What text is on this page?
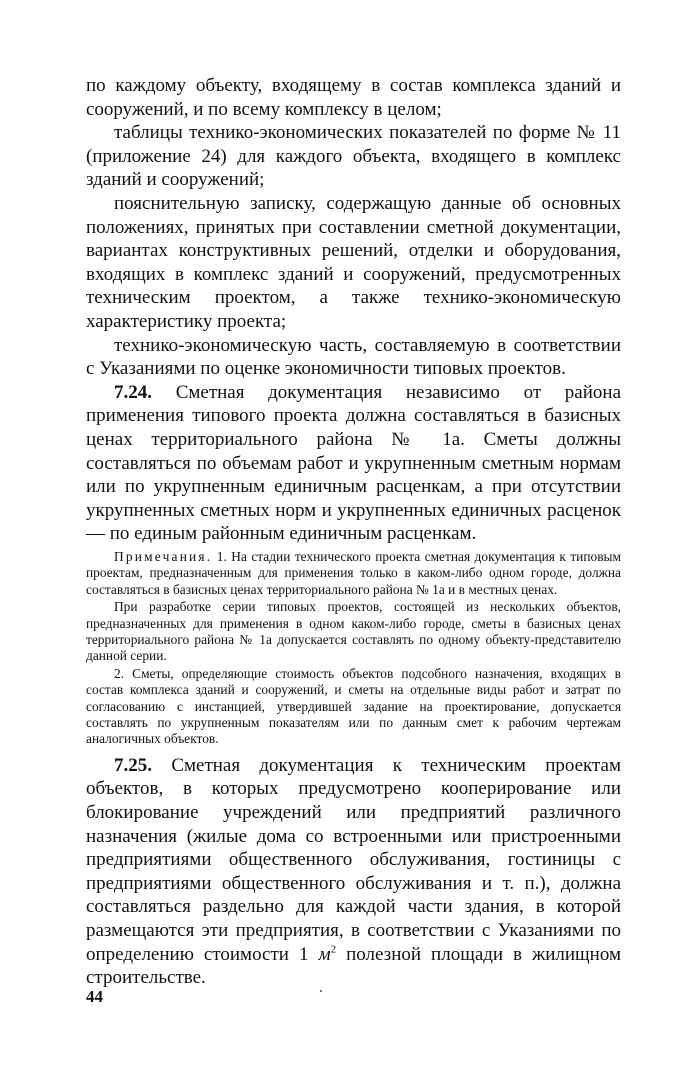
по каждому объекту, входящему в состав комплекса зданий и сооружений, и по всему комплексу в целом;

таблицы технико-экономических показателей по форме № 11 (приложение 24) для каждого объекта, входящего в комплекс зданий и сооружений;

пояснительную записку, содержащую данные об основных положениях, принятых при составлении сметной документации, вариантах конструктивных решений, отделки и оборудования, входящих в комплекс зданий и сооружений, предусмотренных техническим проектом, а также технико-экономическую характеристику проекта;

технико-экономическую часть, составляемую в соответствии с Указаниями по оценке экономичности типовых проектов.

7.24. Сметная документация независимо от района применения типового проекта должна составляться в базисных ценах территориального района № 1а. Сметы должны составляться по объемам работ и укрупненным сметным нормам или по укрупненным единичным расценкам, а при отсутствии укрупненных сметных норм и укрупненных единичных расценок — по единым районным единичным расценкам.

Примечания. 1. На стадии технического проекта сметная документация к типовым проектам, предназначенным для применения только в каком-либо одном городе, должна составляться в базисных ценах территориального района № 1а и в местных ценах.

При разработке серии типовых проектов, состоящей из нескольких объектов, предназначенных для применения в одном каком-либо городе, сметы в базисных ценах территориального района № 1а допускается составлять по одному объекту-представителю данной серии.

2. Сметы, определяющие стоимость объектов подсобного назначения, входящих в состав комплекса зданий и сооружений, и сметы на отдельные виды работ и затрат по согласованию с инстанцией, утвердившей задание на проектирование, допускается составлять по укрупненным показателям или по данным смет к рабочим чертежам аналогичных объектов.

7.25. Сметная документация к техническим проектам объектов, в которых предусмотрено кооперирование или блокирование учреждений или предприятий различного назначения (жилые дома со встроенными или пристроенными предприятиями общественного обслуживания, гостиницы с предприятиями общественного обслуживания и т. п.), должна составляться раздельно для каждой части здания, в которой размещаются эти предприятия, в соответствии с Указаниями по определению стоимости 1 $м^2$ полезной площади в жилищном строительстве.

44
